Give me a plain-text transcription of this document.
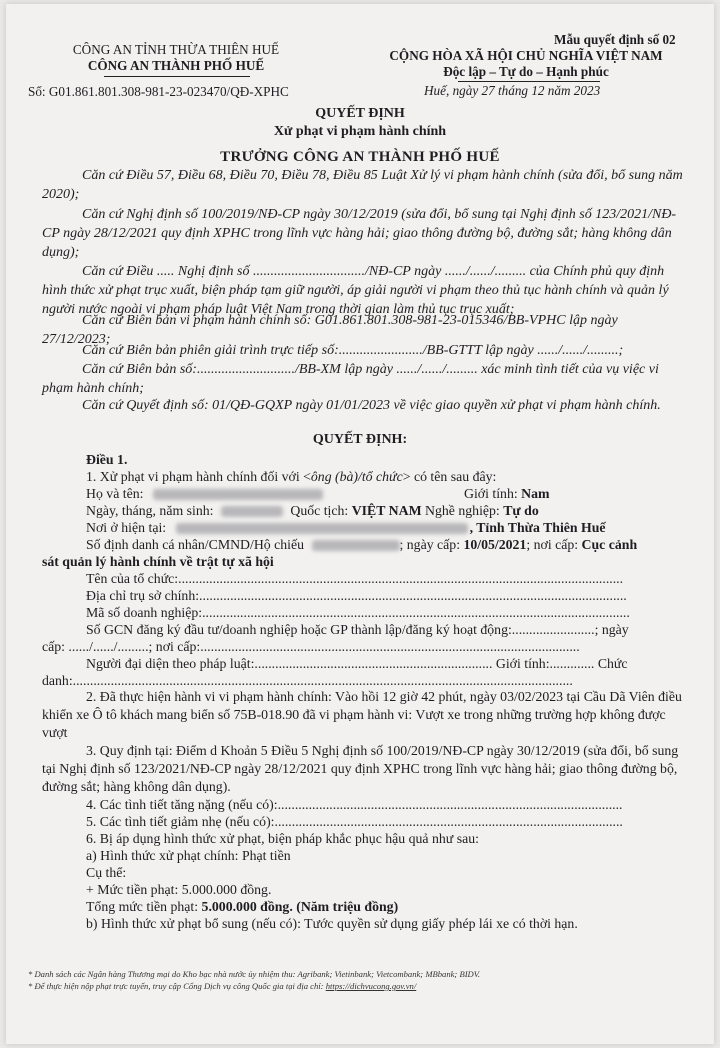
CÔNG AN TỈNH THỪA THIÊN HUẾ
CÔNG AN THÀNH PHỐ HUẾ
Số: G01.861.801.308-981-23-023470/QĐ-XPHC
Mẫu quyết định số 02
CỘNG HÒA XÃ HỘI CHỦ NGHĨA VIỆT NAM
Độc lập – Tự do – Hạnh phúc
Huế, ngày 27 tháng 12 năm 2023
QUYẾT ĐỊNH
Xử phạt vi phạm hành chính
TRƯỞNG CÔNG AN THÀNH PHỐ HUẾ
Căn cứ Điều 57, Điều 68, Điều 70, Điều 78, Điều 85 Luật Xử lý vi phạm hành chính (sửa đổi, bổ sung năm 2020);
Căn cứ Nghị định số 100/2019/NĐ-CP ngày 30/12/2019 (sửa đổi, bổ sung tại Nghị định số 123/2021/NĐ-CP ngày 28/12/2021 quy định XPHC trong lĩnh vực hàng hải; giao thông đường bộ, đường sắt; hàng không dân dụng);
Căn cứ Điều ..... Nghị định số ................................/NĐ-CP ngày ....../....../......... của Chính phủ quy định hình thức xử phạt trục xuất, biện pháp tạm giữ người, áp giải người vi phạm theo thủ tục hành chính và quản lý người nước ngoài vi phạm pháp luật Việt Nam trong thời gian làm thủ tục trục xuất;
Căn cứ Biên bản vi phạm hành chính số: G01.861.801.308-981-23-015346/BB-VPHC lập ngày 27/12/2023;
Căn cứ Biên bản phiên giải trình trực tiếp số:......................../BB-GTTT lập ngày ....../....../.........;
Căn cứ Biên bản số:............................/BB-XM lập ngày ....../....../......... xác minh tình tiết của vụ việc vi phạm hành chính;
Căn cứ Quyết định số: 01/QĐ-GQXP ngày 01/01/2023 về việc giao quyền xử phạt vi phạm hành chính.
QUYẾT ĐỊNH:
Điều 1.
1. Xử phạt vi phạm hành chính đối với <ông (bà)/tổ chức> có tên sau đây:
Họ và tên:	Giới tính: Nam
Ngày, tháng, năm sinh:	Quốc tịch: VIỆT NAM Nghề nghiệp: Tự do
Nơi ở hiện tại:	, Tỉnh Thừa Thiên Huế
Số định danh cá nhân/CMND/Hộ chiếu	; ngày cấp: 10/05/2021; nơi cấp: Cục cảnh
sát quản lý hành chính về trật tự xã hội
Tên của tổ chức:.................................................................................................................................
Địa chỉ trụ sở chính:............................................................................................................................
Mã số doanh nghiệp:............................................................................................................................
Số GCN đăng ký đầu tư/doanh nghiệp hoặc GP thành lập/đăng ký hoạt động:........................; ngày
cấp: ....../....../.........; nơi cấp:..............................................................................................................
Người đại diện theo pháp luật:..................................................................... Giới tính:............. Chức
danh:.................................................................................................................................................
2. Đã thực hiện hành vi vi phạm hành chính: Vào hồi 12 giờ 42 phút, ngày 03/02/2023 tại Cầu Dã Viên điều khiển xe Ô tô khách mang biển số 75B-018.90 đã vi phạm hành vi: Vượt xe trong những trường hợp không được vượt
3. Quy định tại: Điểm d Khoản 5 Điều 5 Nghị định số 100/2019/NĐ-CP ngày 30/12/2019 (sửa đổi, bổ sung tại Nghị định số 123/2021/NĐ-CP ngày 28/12/2021 quy định XPHC trong lĩnh vực hàng hải; giao thông đường bộ, đường sắt; hàng không dân dụng).
4. Các tình tiết tăng nặng (nếu có):....................................................................................................
5. Các tình tiết giảm nhẹ (nếu có):.....................................................................................................
6. Bị áp dụng hình thức xử phạt, biện pháp khắc phục hậu quả như sau:
a) Hình thức xử phạt chính: Phạt tiền
Cụ thể:
+ Mức tiền phạt: 5.000.000 đồng.
Tổng mức tiền phạt: 5.000.000 đồng. (Năm triệu đồng)
b) Hình thức xử phạt bổ sung (nếu có): Tước quyền sử dụng giấy phép lái xe có thời hạn.
* Danh sách các Ngân hàng Thương mại do Kho bạc nhà nước ủy nhiệm thu: Agribank; Vietinbank; Vietcombank; MBbank; BIDV.
* Để thực hiện nộp phạt trực tuyến, truy cập Cổng Dịch vụ công Quốc gia tại địa chỉ: https://dichvucong.gov.vn/
